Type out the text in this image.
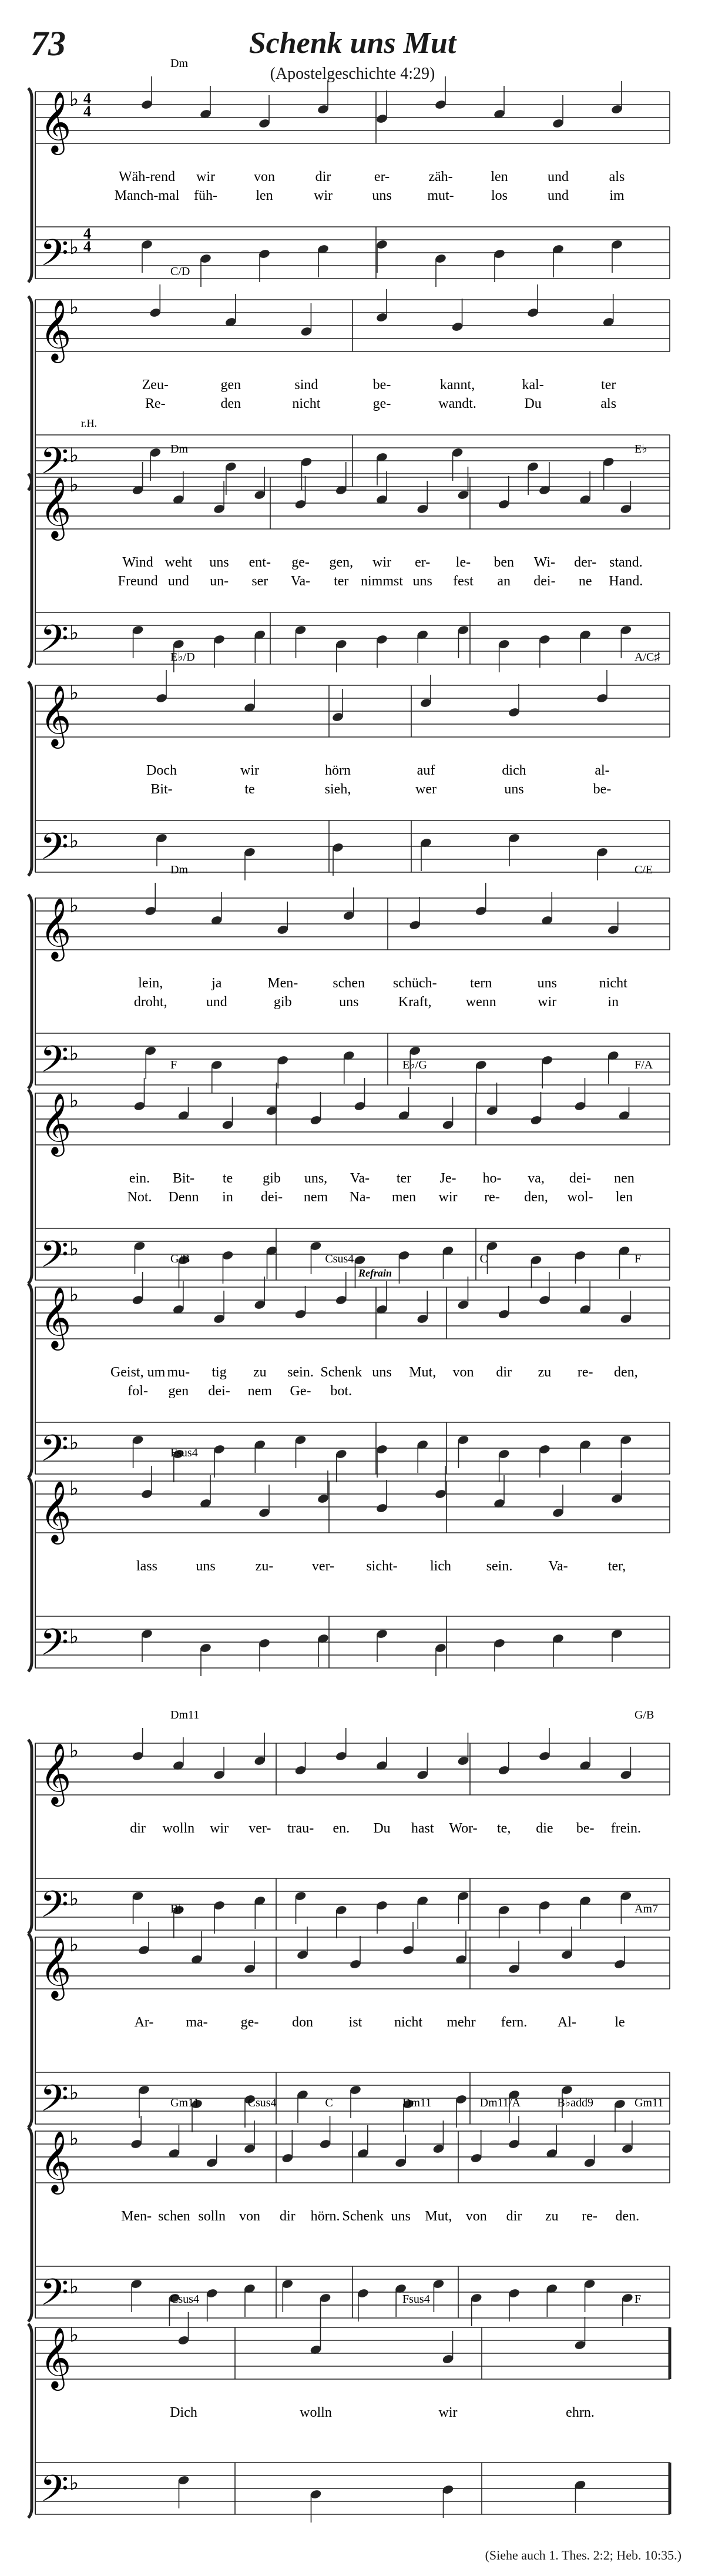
73	Schenk uns Mut
(Apostelgeschichte 4:29)
𝄞
𝄢
♭
♭
4
4
4
4
Dm
Wäh-rend wir	von	dir	er-	zäh-	len	und	als
Manch-mal füh-	len	wir	uns	mut-	los	und	im
𝄞
𝄢
♭
♭
C/D
r.H.
Zeu-	gen	sind	be-	kannt,	kal-	ter
Re-	den	nicht	ge-	wandt.	Du	als
𝄞
𝄢
♭
♭
Dm	E♭
Wind weht uns ent- ge- gen, wir er- le- ben Wi- der- stand.
Freund und un- ser Va- ter nimmst uns fest an dei- ne Hand.
𝄞
𝄢
♭
♭
E♭/D	A/C♯
Doch	wir	hörn	auf	dich	al-
Bit-	te	sieh,	wer	uns	be-
𝄞
𝄢
♭
♭
Dm	C/E
lein,	ja	Men- schen schüch- tern	uns	nicht
droht,	und	gib	uns	Kraft, wenn	wir	in
𝄞
𝄢
♭
♭
F	E♭/G	F/A
ein. Bit- te gib uns, Va- ter Je- ho- va, dei- nen
Not. Denn in dei- nem Na- men wir re- den, wol- len
𝄞
𝄢
♭
♭
G/B	Csus4	C	F
Refrain
Geist, um mu- tig zu sein. Schenk uns Mut, von dir zu re- den,
fol- gen dei- nem Ge- bot.
𝄞
𝄢
♭
♭
Fsus4
lass	uns	zu-	ver- sicht- lich sein.	Va-	ter,
𝄞
𝄢
♭
♭
Dm11	G/B
dir wolln wir ver- trau- en. Du hast Wor- te, die be- frein.
𝄞
𝄢
♭
♭
B♭	Am7
Ar- ma- ge- don	ist nicht mehr fern. Al-	le
𝄞
𝄢
♭
♭
Gm11	Csus4	C	Dm11	Dm11/A	B♭add9	Gm11
Men- schen solln von dir hörn. Schenk uns Mut, von dir zu re- den.
𝄞
𝄢
♭
♭
Csus4	Fsus4	F
Dich	wolln	wir	ehrn.
(Siehe auch 1. Thes. 2:2; Heb. 10:35.)
